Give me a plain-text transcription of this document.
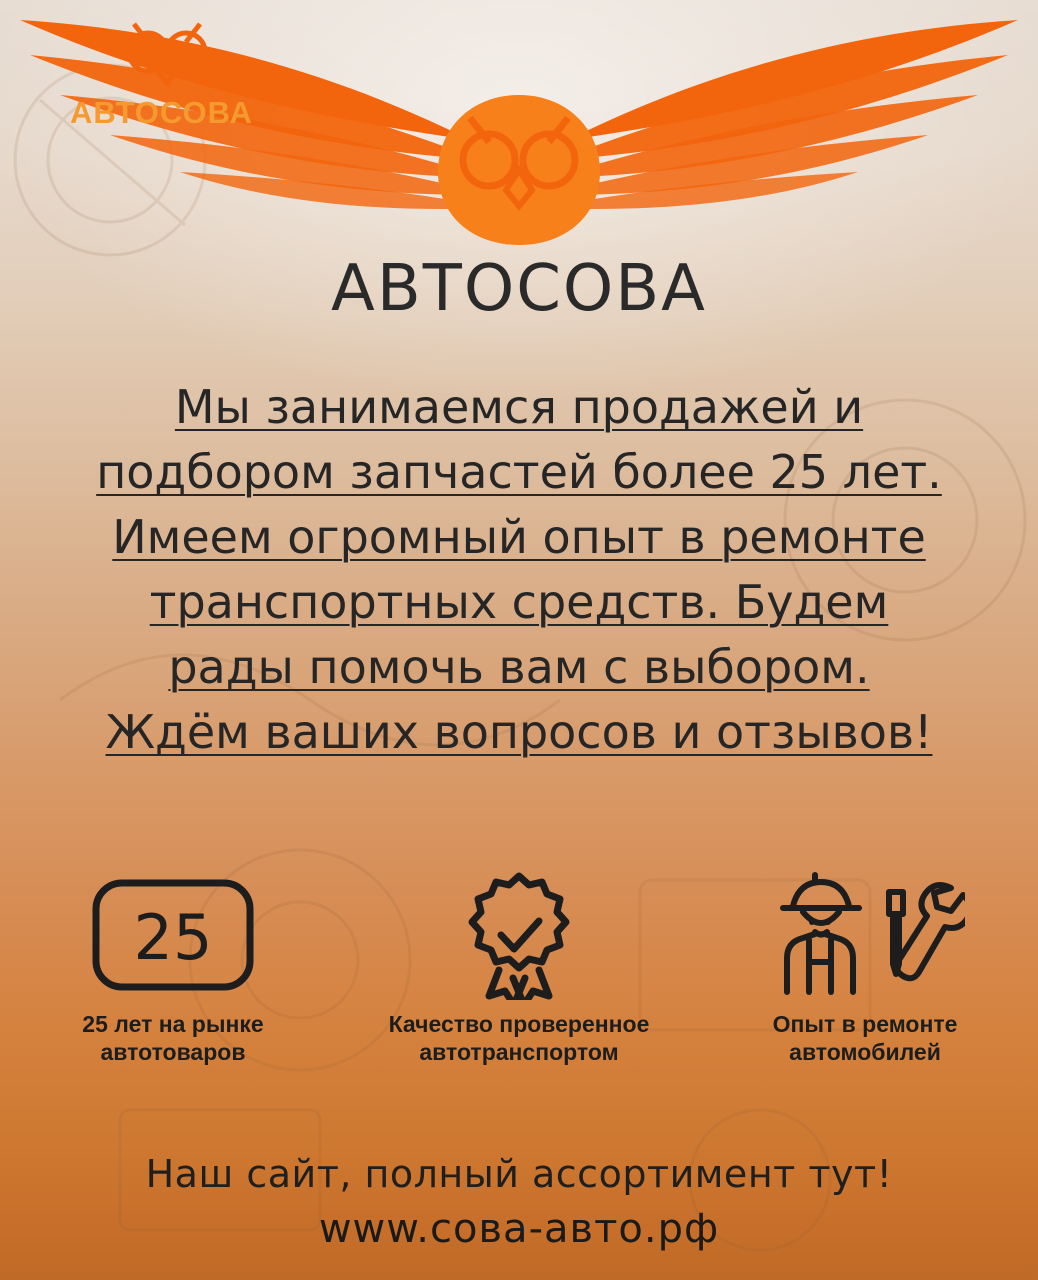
АВТОСОВА
АВТОСОВА
Мы занимаемся продажей и подбором запчастей более 25 лет. Имеем огромный опыт в ремонте транспортных средств. Будем рады помочь вам с выбором. Ждём ваших вопросов и отзывов!
25
25 лет на рынке автотоваров
Качество проверенное автотранспортом
Опыт в ремонте автомобилей
Наш сайт, полный ассортимент тут!
www.сова-авто.рф
